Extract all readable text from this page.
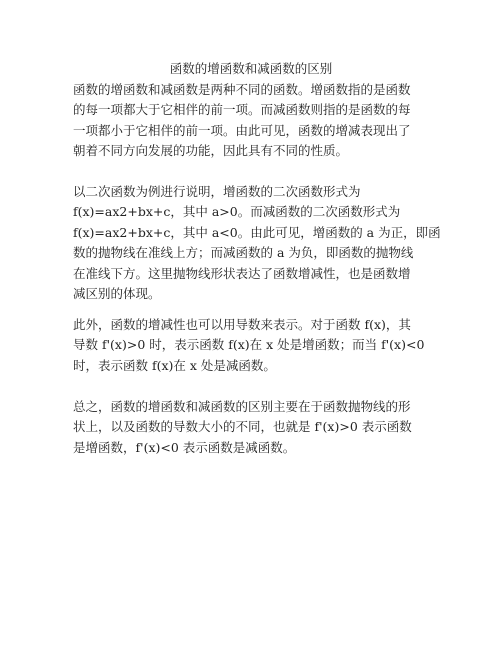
函数的增函数和减函数的区别

函数的增函数和减函数是两种不同的函数。增函数指的是函数
的每一项都大于它相伴的前一项。而减函数则指的是函数的每
一项都小于它相伴的前一项。由此可见，函数的增减表现出了
朝着不同方向发展的功能，因此具有不同的性质。

以二次函数为例进行说明，增函数的二次函数形式为
f(x)=ax2+bx+c，其中 a>0。而减函数的二次函数形式为
f(x)=ax2+bx+c，其中 a<0。由此可见，增函数的 a 为正，即函
数的抛物线在准线上方；而减函数的 a 为负，即函数的抛物线
在准线下方。这里抛物线形状表达了函数增减性，也是函数增
减区别的体现。

此外，函数的增减性也可以用导数来表示。对于函数 f(x)，其
导数 f'(x)>0 时，表示函数 f(x)在 x 处是增函数；而当 f'(x)<0
时，表示函数 f(x)在 x 处是减函数。

总之，函数的增函数和减函数的区别主要在于函数抛物线的形
状上，以及函数的导数大小的不同，也就是 f'(x)>0 表示函数
是增函数，f'(x)<0 表示函数是减函数。
